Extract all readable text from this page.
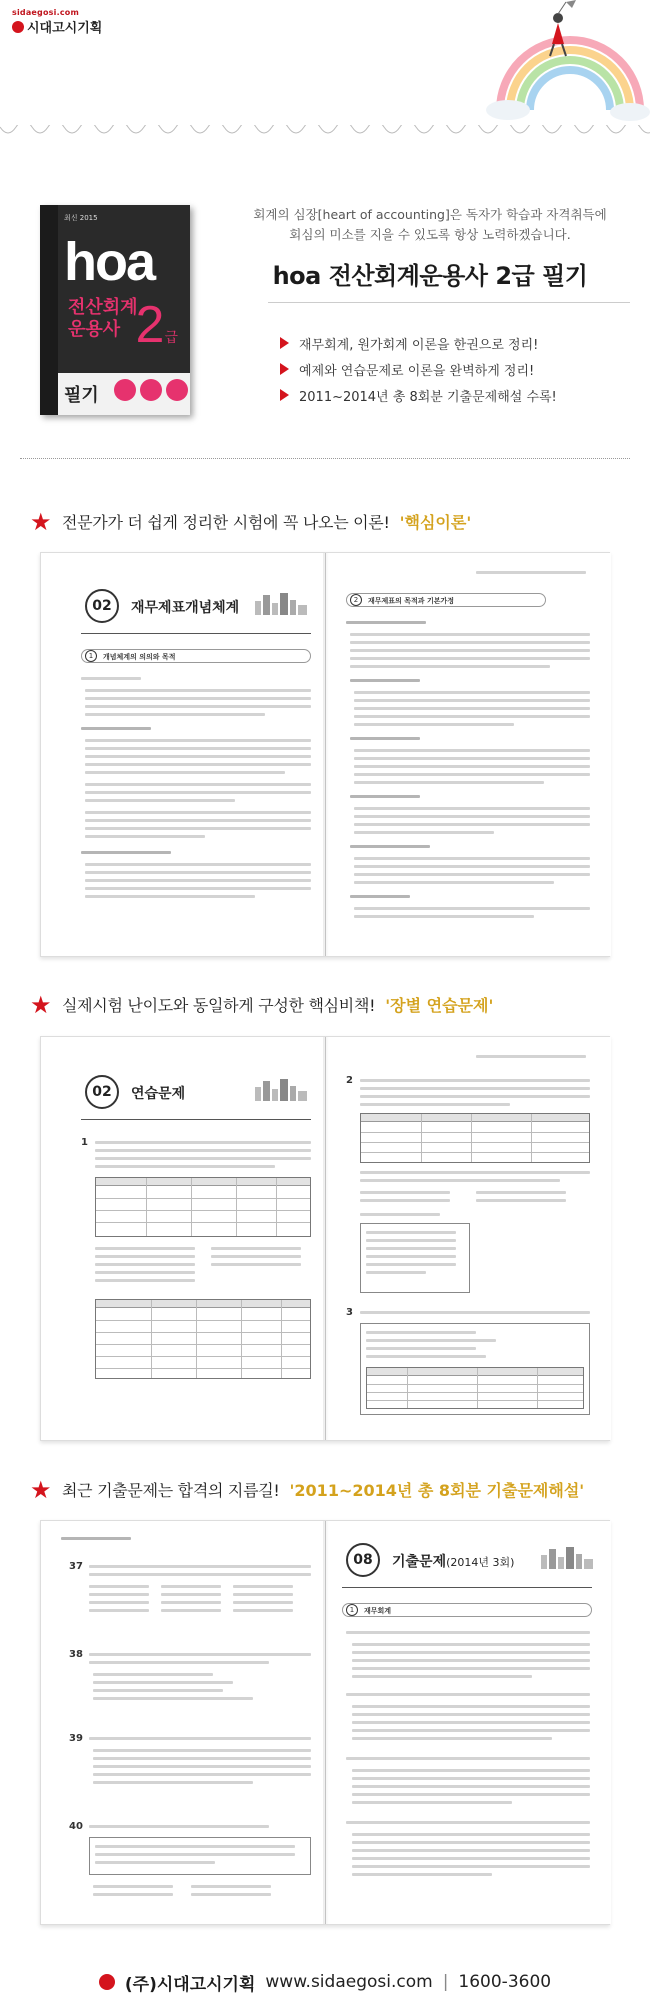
sidaegosi.com
시대고시기획
최신 2015
hoa
전산회계
운용사 2급
필기
회계의 심장[heart of accounting]은 독자가 학습과 자격취득에
회심의 미소를 지을 수 있도록 항상 노력하겠습니다.
hoa 전산회계운용사 2급 필기
재무회계, 원가회계 이론을 한권으로 정리!
예제와 연습문제로 이론을 완벽하게 정리!
2011~2014년 총 8회분 기출문제해설 수록!
★ 전문가가 더 쉽게 정리한 시험에 꼭 나오는 이론! '핵심이론'
02	재무제표개념체계
1	개념체계의 의의와 목적
2	재무제표의 목적과 기본가정
★ 실제시험 난이도와 동일하게 구성한 핵심비책! '장별 연습문제'
02	연습문제
1
2
3
★ 최근 기출문제는 합격의 지름길! '2011~2014년 총 8회분 기출문제해설'
37
38
39
40
08	기출문제(2014년 3회)
1	재무회계
(주)시대고시기획 www.sidaegosi.com | 1600-3600
